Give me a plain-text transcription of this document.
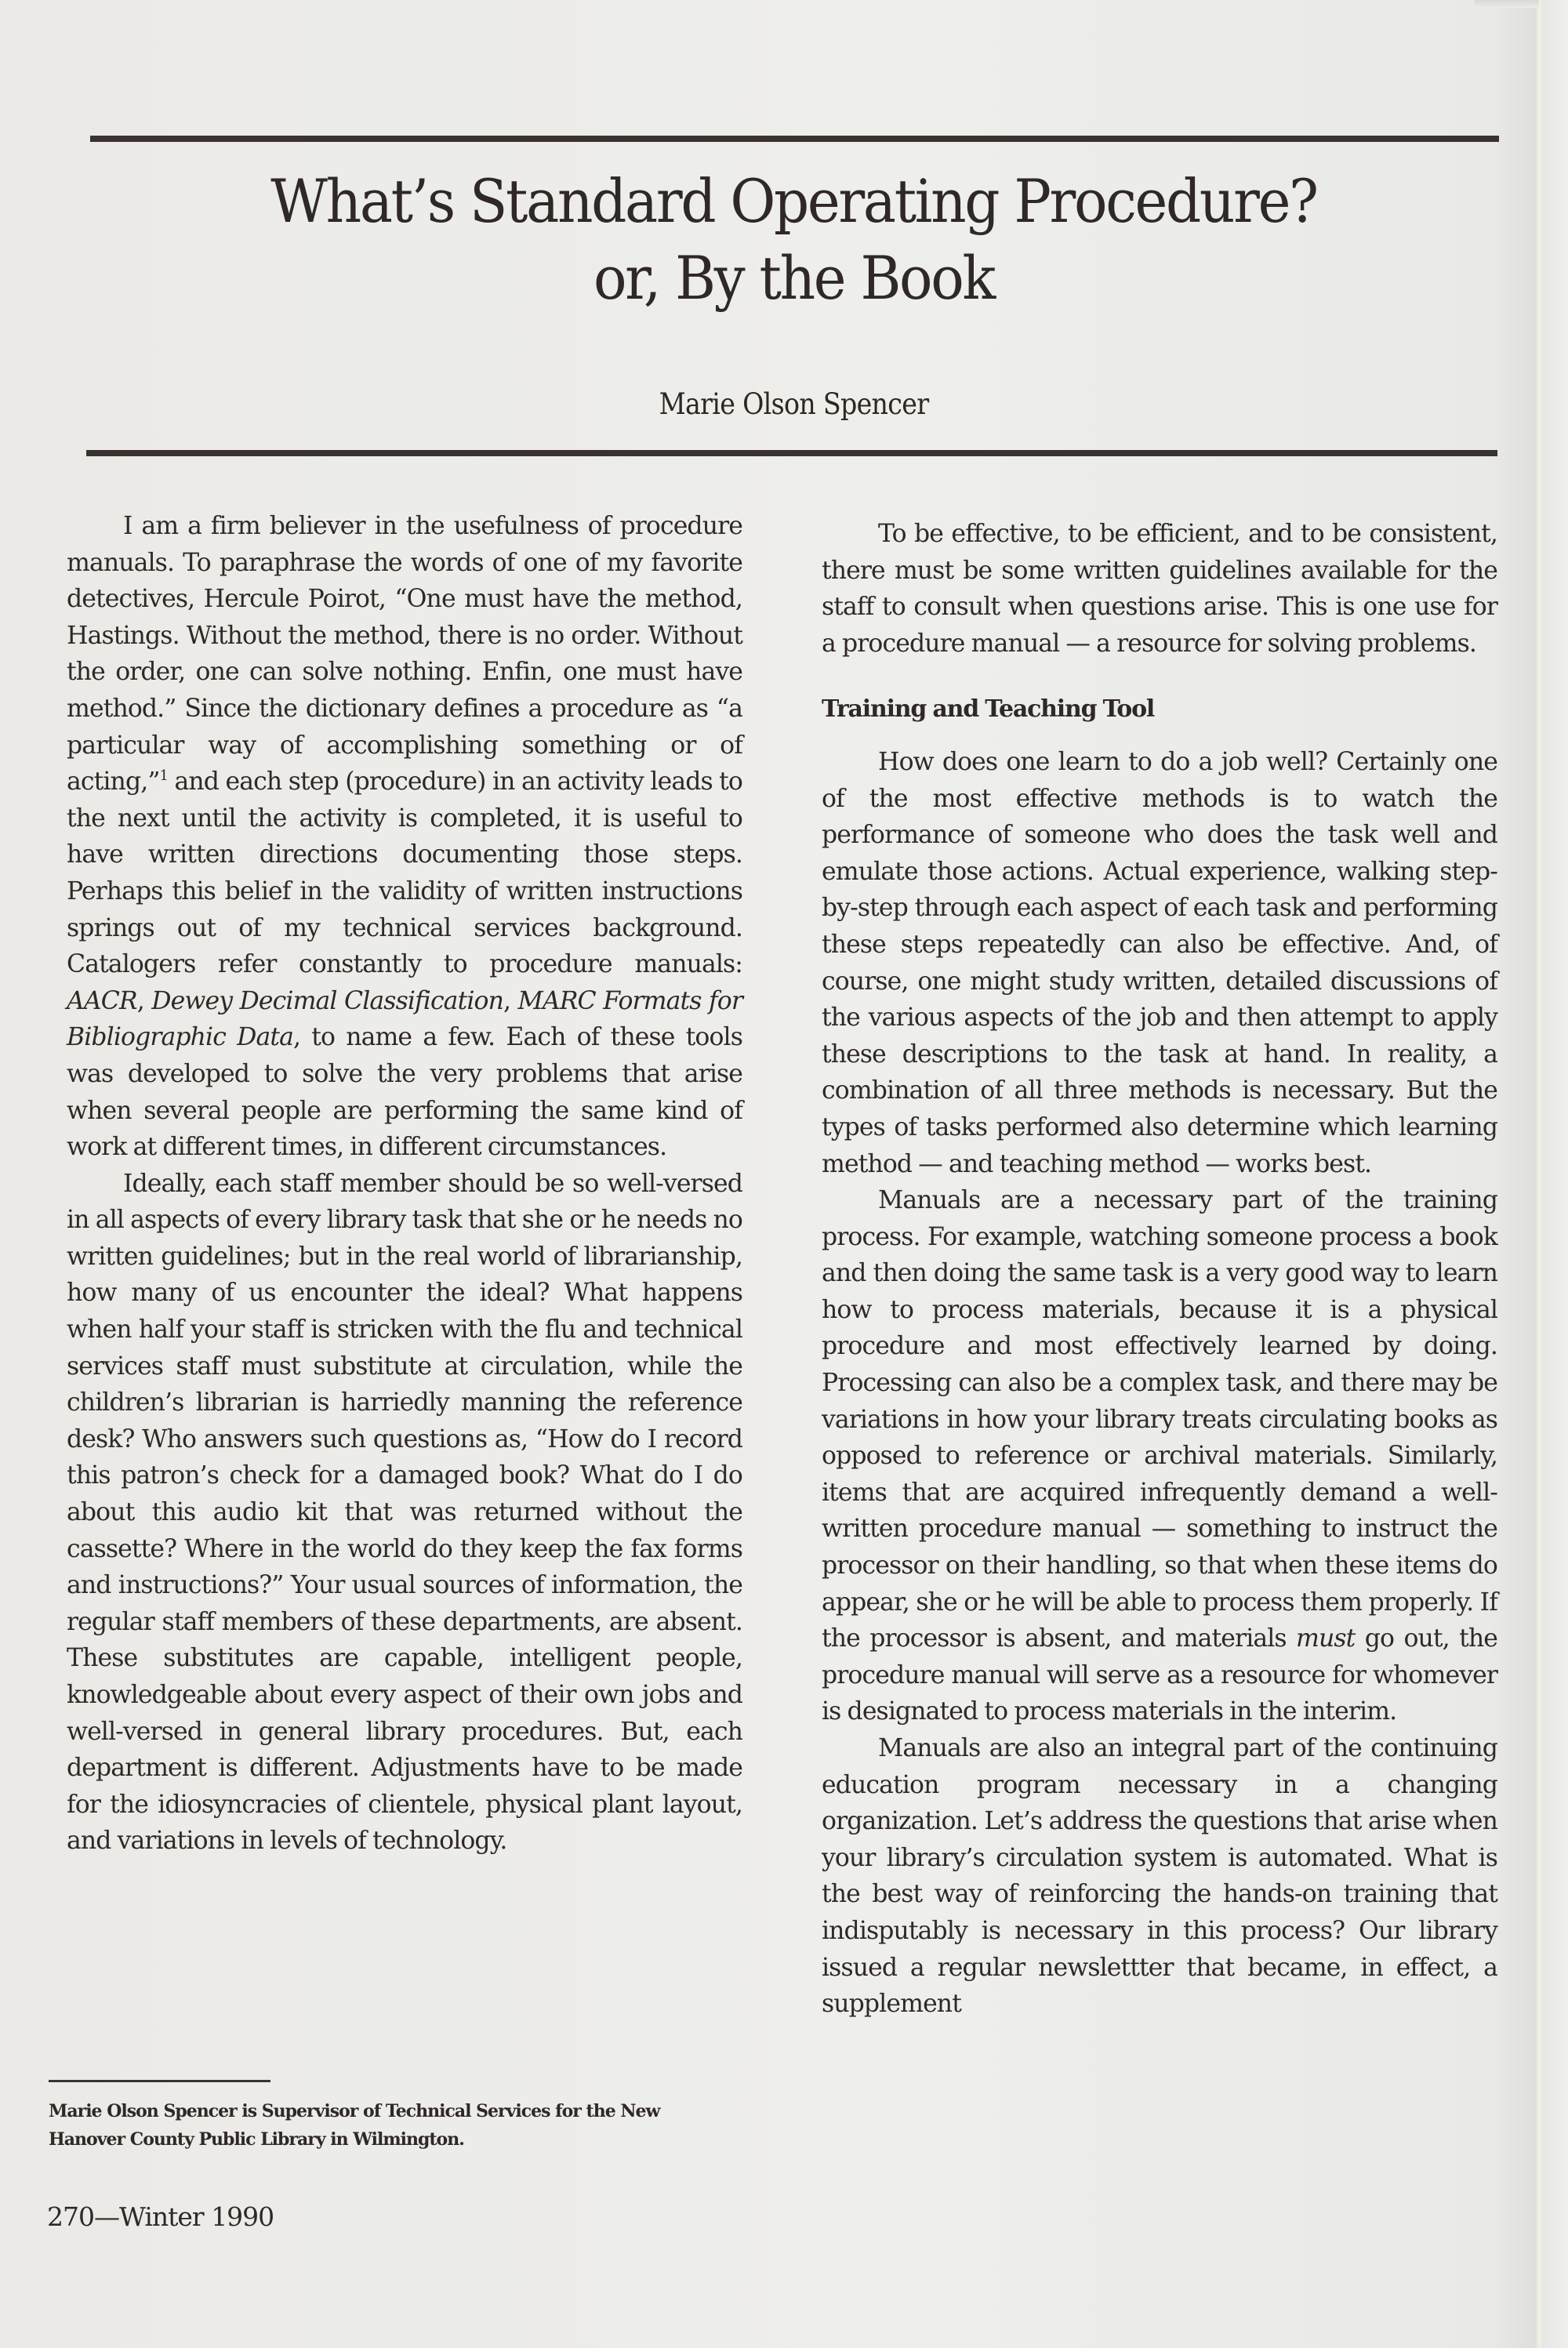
What’s Standard Operating Procedure?
or, By the Book
Marie Olson Spencer

I am a firm believer in the usefulness of procedure manuals. To paraphrase the words of one of my favorite detectives, Hercule Poirot, “One must have the method, Hastings. Without the method, there is no order. Without the order, one can solve nothing. Enfin, one must have method.” Since the dictionary defines a procedure as “a particular way of accomplishing something or of acting,”$^1$ and each step (procedure) in an activity leads to the next until the activity is completed, it is useful to have written directions documenting those steps. Perhaps this belief in the validity of written instructions springs out of my technical services background. Catalogers refer constantly to procedure manuals: AACR, Dewey Decimal Classification, MARC Formats for Bibliographic Data, to name a few. Each of these tools was developed to solve the very problems that arise when several people are performing the same kind of work at different times, in different circumstances.

Ideally, each staff member should be so well-versed in all aspects of every library task that she or he needs no written guidelines; but in the real world of librarianship, how many of us encounter the ideal? What happens when half your staff is stricken with the flu and technical services staff must substitute at circulation, while the children’s librarian is harriedly manning the reference desk? Who answers such questions as, “How do I record this patron’s check for a damaged book? What do I do about this audio kit that was returned without the cassette? Where in the world do they keep the fax forms and instructions?” Your usual sources of information, the regular staff members of these departments, are absent. These substitutes are capable, intelligent people, knowledgeable about every aspect of their own jobs and well-versed in general library procedures. But, each department is different. Adjustments have to be made for the idiosyncracies of clientele, physical plant layout, and variations in levels of technology.

To be effective, to be efficient, and to be consistent, there must be some written guidelines available for the staff to consult when questions arise. This is one use for a procedure manual — a resource for solving problems.

Training and Teaching Tool

How does one learn to do a job well? Certainly one of the most effective methods is to watch the performance of someone who does the task well and emulate those actions. Actual experience, walking step-by-step through each aspect of each task and performing these steps repeatedly can also be effective. And, of course, one might study written, detailed discussions of the various aspects of the job and then attempt to apply these descriptions to the task at hand. In reality, a combination of all three methods is necessary. But the types of tasks performed also determine which learning method — and teaching method — works best.

Manuals are a necessary part of the training process. For example, watching someone process a book and then doing the same task is a very good way to learn how to process materials, because it is a physical procedure and most effectively learned by doing. Processing can also be a complex task, and there may be variations in how your library treats circulating books as opposed to reference or archival materials. Similarly, items that are acquired infrequently demand a well-written procedure manual — something to instruct the processor on their handling, so that when these items do appear, she or he will be able to process them properly. If the processor is absent, and materials must go out, the procedure manual will serve as a resource for whomever is designated to process materials in the interim.

Manuals are also an integral part of the continuing education program necessary in a changing organization. Let’s address the questions that arise when your library’s circulation system is automated. What is the best way of reinforcing the hands-on training that indisputably is necessary in this process? Our library issued a regular newslettter that became, in effect, a supplement

Marie Olson Spencer is Supervisor of Technical Services for the New Hanover County Public Library in Wilmington.
270—Winter 1990
